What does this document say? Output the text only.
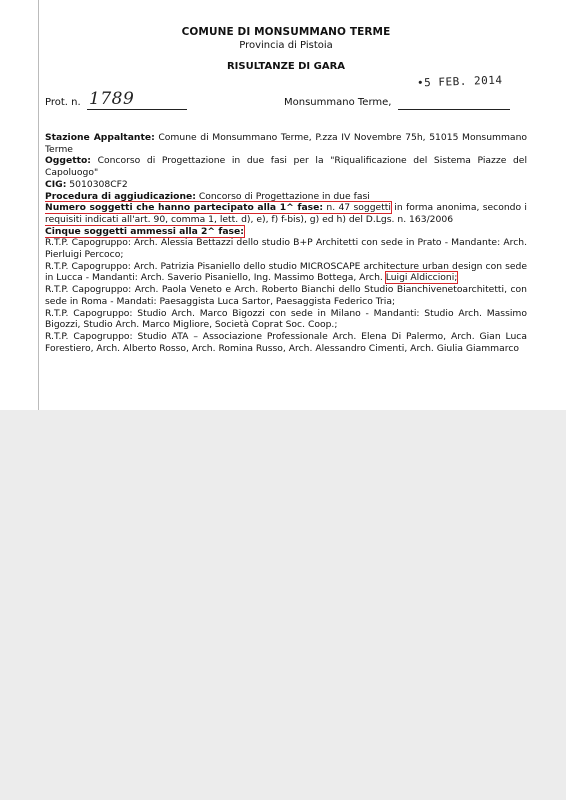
COMUNE DI MONSUMMANO TERME
Provincia di Pistoia
RISULTANZE DI GARA
•5 FEB. 2014
Prot. n. 1789	Monsummano Terme,

Stazione Appaltante: Comune di Monsummano Terme, P.zza IV Novembre 75h, 51015 Monsummano Terme

Oggetto: Concorso di Progettazione in due fasi per la "Riqualificazione del Sistema Piazze del Capoluogo"

CIG: 5010308CF2

Procedura di aggiudicazione: Concorso di Progettazione in due fasi

Numero soggetti che hanno partecipato alla 1^ fase: n. 47 soggetti in forma anonima, secondo i requisiti indicati all'art. 90, comma 1, lett. d), e), f) f-bis), g) ed h) del D.Lgs. n. 163/2006

Cinque soggetti ammessi alla 2^ fase:

R.T.P. Capogruppo: Arch. Alessia Bettazzi dello studio B+P Architetti con sede in Prato - Mandante: Arch. Pierluigi Percoco;

R.T.P. Capogruppo: Arch. Patrizia Pisaniello dello studio MICROSCAPE architecture urban design con sede in Lucca - Mandanti: Arch. Saverio Pisaniello, Ing. Massimo Bottega, Arch. Luigi Aldiccioni;

R.T.P. Capogruppo: Arch. Paola Veneto e Arch. Roberto Bianchi dello Studio Bianchivenetoarchitetti, con sede in Roma - Mandati: Paesaggista Luca Sartor, Paesaggista Federico Tria;

R.T.P. Capogruppo: Studio Arch. Marco Bigozzi con sede in Milano - Mandanti: Studio Arch. Massimo Bigozzi, Studio Arch. Marco Migliore, Società Coprat Soc. Coop.;

R.T.P. Capogruppo: Studio ATA – Associazione Professionale Arch. Elena Di Palermo, Arch. Gian Luca Forestiero, Arch. Alberto Rosso, Arch. Romina Russo, Arch. Alessandro Cimenti, Arch. Giulia Giammarco
